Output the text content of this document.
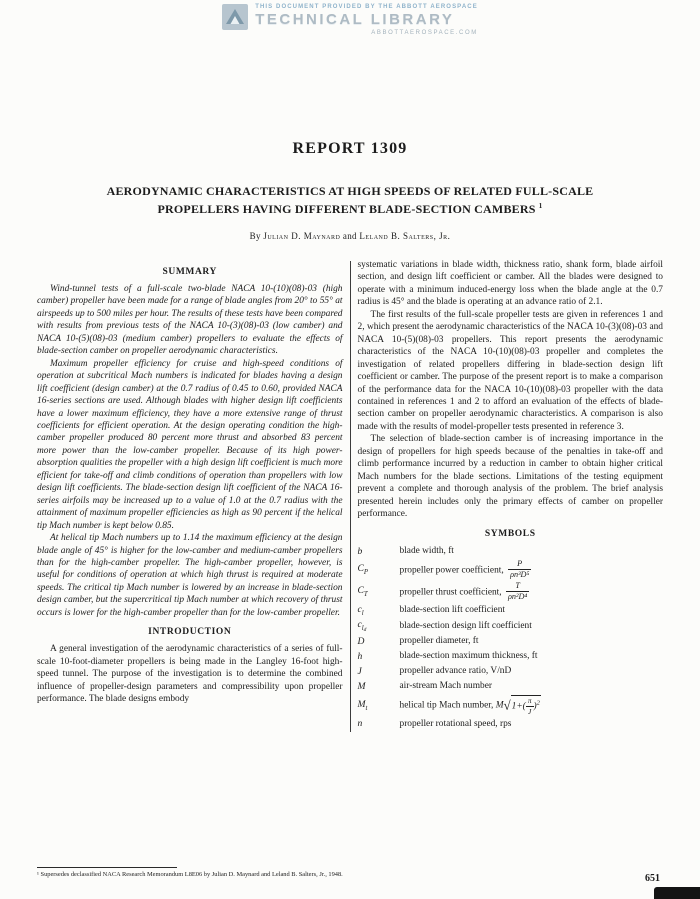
THIS DOCUMENT PROVIDED BY THE ABBOTT AEROSPACE
TECHNICAL LIBRARY
ABBOTTAEROSPACE.COM
REPORT 1309
AERODYNAMIC CHARACTERISTICS AT HIGH SPEEDS OF RELATED FULL-SCALE
PROPELLERS HAVING DIFFERENT BLADE-SECTION CAMBERS $^1$
By Julian D. Maynard and Leland B. Salters, Jr.
SUMMARY

Wind-tunnel tests of a full-scale two-blade NACA 10-(10)(08)-03 (high camber) propeller have been made for a range of blade angles from 20° to 55° at airspeeds up to 500 miles per hour. The results of these tests have been compared with results from previous tests of the NACA 10-(3)(08)-03 (low camber) and NACA 10-(5)(08)-03 (medium camber) propellers to evaluate the effects of blade-section camber on propeller aerodynamic characteristics.

Maximum propeller efficiency for cruise and high-speed conditions of operation at subcritical Mach numbers is indicated for blades having a design lift coefficient (design camber) at the 0.7 radius of 0.45 to 0.60, provided NACA 16-series sections are used. Although blades with higher design lift coefficients have a lower maximum efficiency, they have a more extensive range of thrust coefficients for efficient operation. At the design operating condition the high-camber propeller produced 80 percent more thrust and absorbed 83 percent more power than the low-camber propeller. Because of its high power-absorption qualities the propeller with a high design lift coefficient is much more efficient for take-off and climb conditions of operation than propellers with low design lift coefficients. The blade-section design lift coefficient of the NACA 16-series airfoils may be increased up to a value of 1.0 at the 0.7 radius with the attainment of maximum propeller efficiencies as high as 90 percent if the helical tip Mach number is kept below 0.85.

At helical tip Mach numbers up to 1.14 the maximum efficiency at the design blade angle of 45° is higher for the low-camber and medium-camber propellers than for the high-camber propeller. The high-camber propeller, however, is useful for conditions of operation at which high thrust is required at moderate speeds. The critical tip Mach number is lowered by an increase in blade-section design camber, but the supercritical tip Mach number at which recovery of thrust occurs is lower for the high-camber propeller than for the low-camber propeller.

INTRODUCTION

A general investigation of the aerodynamic characteristics of a series of full-scale 10-foot-diameter propellers is being made in the Langley 16-foot high-speed tunnel. The purpose of the investigation is to determine the combined influence of propeller-design parameters and compressibility upon propeller performance. The blade designs embody

systematic variations in blade width, thickness ratio, shank form, blade airfoil section, and design lift coefficient or camber. All the blades were designed to operate with a minimum induced-energy loss when the blade angle at the 0.7 radius is 45° and the blade is operating at an advance ratio of 2.1.

The first results of the full-scale propeller tests are given in references 1 and 2, which present the aerodynamic characteristics of the NACA 10-(3)(08)-03 and NACA 10-(5)(08)-03 propellers. This report presents the aerodynamic characteristics of the NACA 10-(10)(08)-03 propeller and completes the investigation of related propellers differing in blade-section design lift coefficient or camber. The purpose of the present report is to make a comparison of the performance data for the NACA 10-(10)(08)-03 propeller with the data contained in references 1 and 2 to afford an evaluation of the effects of blade-section camber on propeller aerodynamic characteristics. A comparison is also made with the results of model-propeller tests presented in reference 3.

The selection of blade-section camber is of increasing importance in the design of propellers for high speeds because of the penalties in take-off and climb performance incurred by a reduction in camber to obtain higher critical Mach numbers for the blade sections. Limitations of the testing equipment prevent a complete and thorough analysis of the problem. The brief analysis presented herein includes only the primary effects of camber on propeller performance.

SYMBOLS
b	blade width, ft
$C_P$	propeller power coefficient, $\frac{P}{\text{ρn³D⁵}}$
$C_T$	propeller thrust coefficient, $\frac{T}{\text{ρn²D⁴}}$
$c_l$	blade-section lift coefficient
$c_{ld}$	blade-section design lift coefficient
D	propeller diameter, ft
h	blade-section maximum thickness, ft
J	propeller advance ratio, V/nD
M	air-stream Mach number
$M_t$	helical tip Mach number, $M√1+( \frac{\pi}{J} )^2$
n	propeller rotational speed, rps
¹ Supersedes declassified NACA Research Memorandum L8E06 by Julian D. Maynard and Leland B. Salters, Jr., 1948.	651
